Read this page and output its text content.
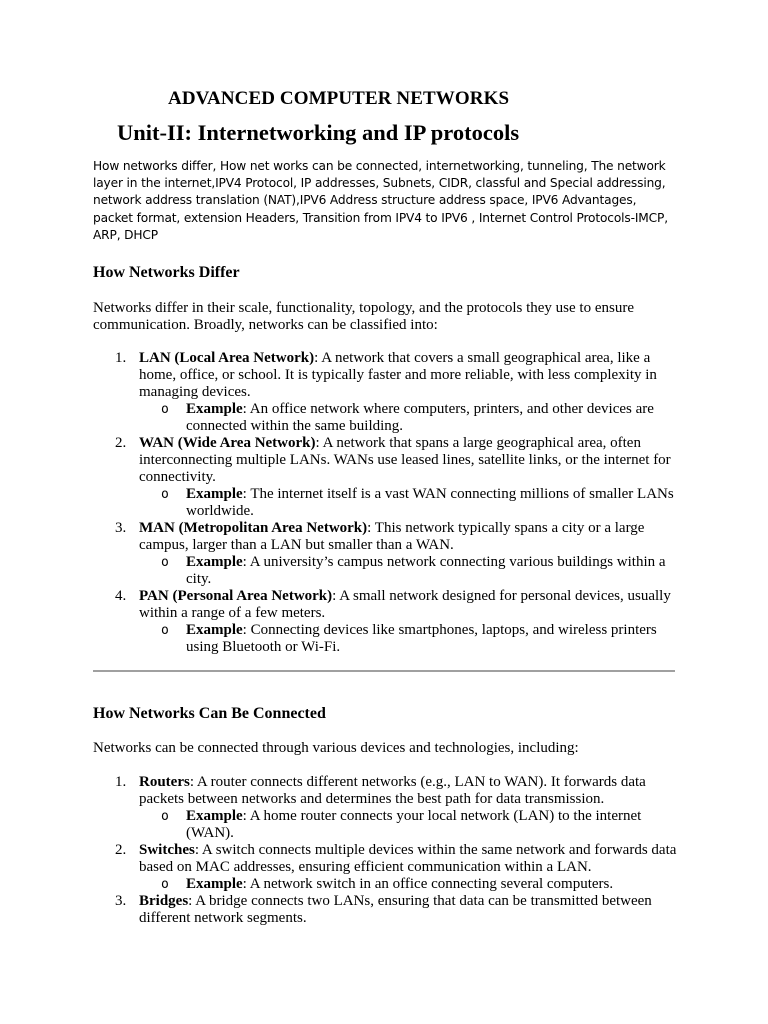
ADVANCED COMPUTER NETWORKS
Unit-II: Internetworking and IP protocols

How networks differ, How net works can be connected, internetworking, tunneling, The network layer in the internet,IPV4 Protocol, IP addresses, Subnets, CIDR, classful and Special addressing, network address translation (NAT),IPV6 Address structure address space, IPV6 Advantages, packet format, extension Headers, Transition from IPV4 to IPV6 , Internet Control Protocols-IMCP, ARP, DHCP

How Networks Differ

Networks differ in their scale, functionality, topology, and the protocols they use to ensure communication. Broadly, networks can be classified into:

1. LAN (Local Area Network): A network that covers a small geographical area, like a home, office, or school. It is typically faster and more reliable, with less complexity in managing devices.
o Example: An office network where computers, printers, and other devices are connected within the same building.
2. WAN (Wide Area Network): A network that spans a large geographical area, often interconnecting multiple LANs. WANs use leased lines, satellite links, or the internet for connectivity.
o Example: The internet itself is a vast WAN connecting millions of smaller LANs worldwide.
3. MAN (Metropolitan Area Network): This network typically spans a city or a large campus, larger than a LAN but smaller than a WAN.
o Example: A university’s campus network connecting various buildings within a city.
4. PAN (Personal Area Network): A small network designed for personal devices, usually within a range of a few meters.
o Example: Connecting devices like smartphones, laptops, and wireless printers using Bluetooth or Wi-Fi.
How Networks Can Be Connected

Networks can be connected through various devices and technologies, including:

1. Routers: A router connects different networks (e.g., LAN to WAN). It forwards data packets between networks and determines the best path for data transmission.
o Example: A home router connects your local network (LAN) to the internet (WAN).
2. Switches: A switch connects multiple devices within the same network and forwards data based on MAC addresses, ensuring efficient communication within a LAN.
o Example: A network switch in an office connecting several computers.
3. Bridges: A bridge connects two LANs, ensuring that data can be transmitted between different network segments.
